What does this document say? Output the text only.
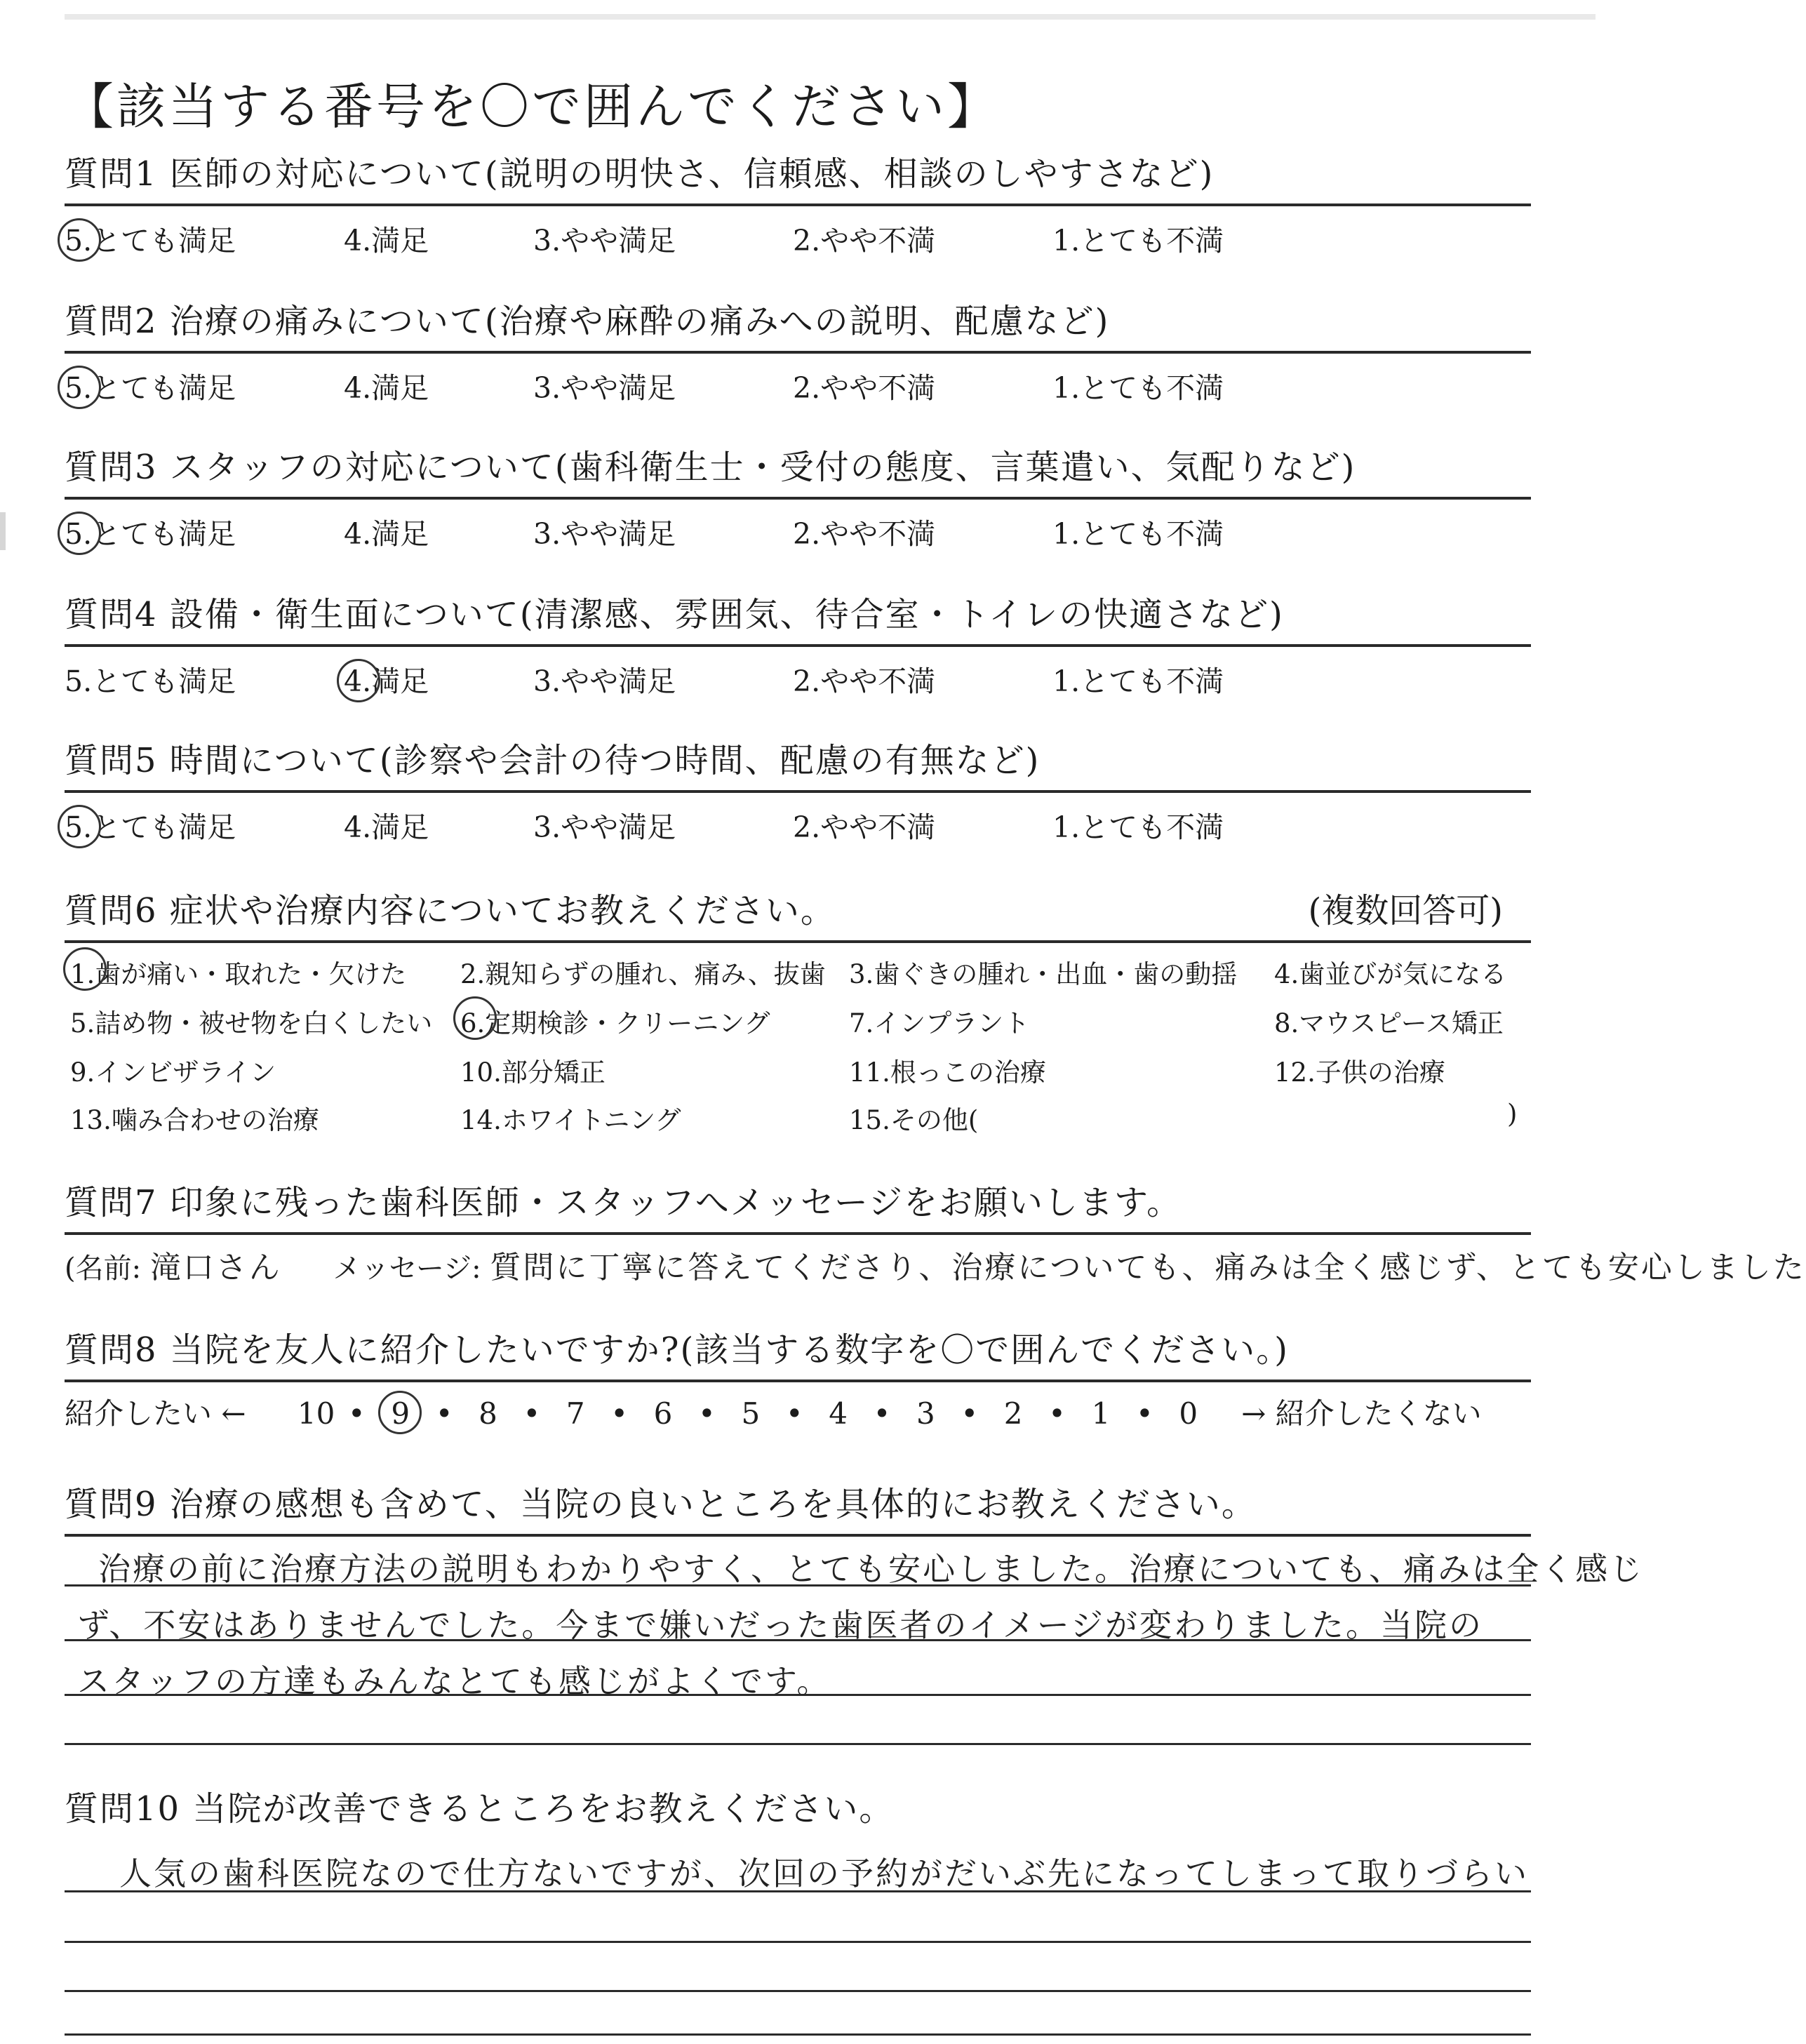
【該当する番号を〇で囲んでください】
質問1 医師の対応について(説明の明快さ、信頼感、相談のしやすさなど)
5.とても満足	4.満足	3.やや満足	2.やや不満	1.とても不満
質問2 治療の痛みについて(治療や麻酔の痛みへの説明、配慮など)
5.とても満足	4.満足	3.やや満足	2.やや不満	1.とても不満
質問3 スタッフの対応について(歯科衛生士・受付の態度、言葉遣い、気配りなど)
5.とても満足	4.満足	3.やや満足	2.やや不満	1.とても不満
質問4 設備・衛生面について(清潔感、雰囲気、待合室・トイレの快適さなど)
5.とても満足	4.満足	3.やや満足	2.やや不満	1.とても不満
質問5 時間について(診察や会計の待つ時間、配慮の有無など)
5.とても満足	4.満足	3.やや満足	2.やや不満	1.とても不満
質問6 症状や治療内容についてお教えください。	(複数回答可)
1.歯が痛い・取れた・欠けた 2.親知らずの腫れ、痛み、抜歯 3.歯ぐきの腫れ・出血・歯の動揺 4.歯並びが気になる
5.詰め物・被せ物を白くしたい 6.定期検診・クリーニング	7.インプラント	8.マウスピース矯正
9.インビザライン	10.部分矯正	11.根っこの治療	12.子供の治療
13.噛み合わせの治療	14.ホワイトニング	15.その他(	)
質問7 印象に残った歯科医師・スタッフへメッセージをお願いします。
(名前: 滝口さん メッセージ: 質問に丁寧に答えてくださり、治療についても、痛みは全く感じず、とても安心しました
質問8 当院を友人に紹介したいですか?(該当する数字を〇で囲んでください。)
紹介したい ← 10 • 9 • 8 • 7 • 6 • 5 • 4 • 3 • 2 • 1 • 0 → 紹介したくない
質問9 治療の感想も含めて、当院の良いところを具体的にお教えください。
治療の前に治療方法の説明もわかりやすく、とても安心しました。治療についても、痛みは全く感じ
ず、不安はありませんでした。今まで嫌いだった歯医者のイメージが変わりました。当院の
スタッフの方達もみんなとても感じがよくです。
質問10 当院が改善できるところをお教えください。
人気の歯科医院なので仕方ないですが、次回の予約がだいぶ先になってしまって取りづらい
